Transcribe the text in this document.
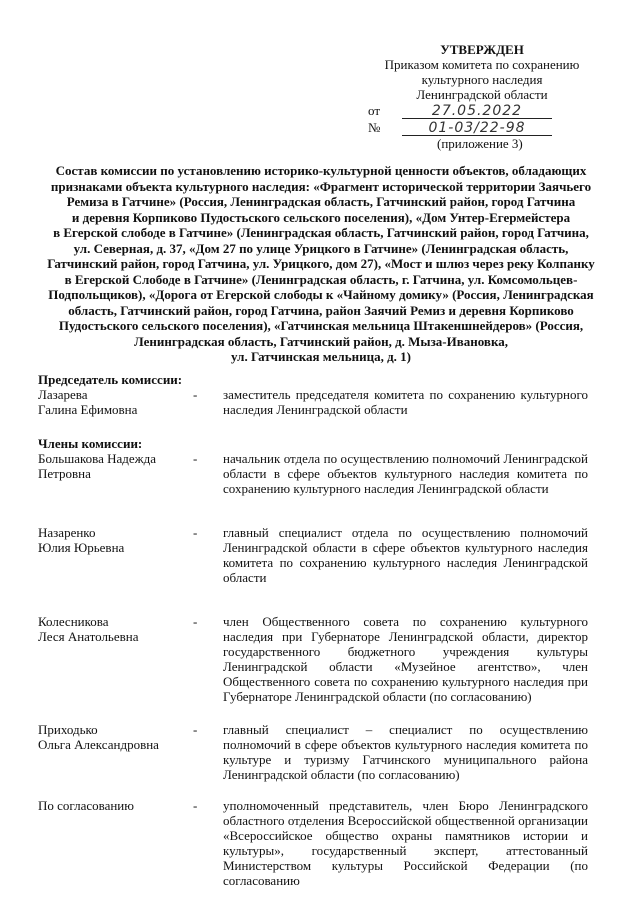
УТВЕРЖДЕН
Приказом комитета по сохранению
культурного наследия
Ленинградской области
от	27.05.2022
№	01-03/22-98
(приложение 3)
Состав комиссии по установлению историко-культурной ценности объектов, обладающих
признаками объекта культурного наследия: «Фрагмент исторической территории Заячьего
Ремиза в Гатчине» (Россия, Ленинградская область, Гатчинский район, город Гатчина
и деревня Корпиково Пудостьского сельского поселения), «Дом Унтер-Егермейстера
в Егерской слободе в Гатчине» (Ленинградская область, Гатчинский район, город Гатчина,
ул. Северная, д. 37, «Дом 27 по улице Урицкого в Гатчине» (Ленинградская область,
Гатчинский район, город Гатчина, ул. Урицкого, дом 27), «Мост и шлюз через реку Колпанку
в Егерской Слободе в Гатчине» (Ленинградская область, г. Гатчина, ул. Комсомольцев-
Подпольщиков), «Дорога от Егерской слободы к «Чайному домику» (Россия, Ленинградская
область, Гатчинский район, город Гатчина, район Заячий Ремиз и деревня Корпиково
Пудостьского сельского поселения), «Гатчинская мельница Штакеншнейдеров» (Россия,
Ленинградская область, Гатчинский район, д. Мыза-Ивановка,
ул. Гатчинская мельница, д. 1)
Председатель комиссии:
Лазарева
Галина Ефимовна
-	заместитель председателя комитета по сохранению культурного наследия Ленинградской области
Члены комиссии:
Большакова Надежда
Петровна
-	начальник отдела по осуществлению полномочий Ленинградской области в сфере объектов культурного наследия комитета по сохранению культурного наследия Ленинградской области
Назаренко
Юлия Юрьевна
-	главный специалист отдела по осуществлению полномочий Ленинградской области в сфере объектов культурного наследия комитета по сохранению культурного наследия Ленинградской области
Колесникова
Леся Анатольевна
-	член Общественного совета по сохранению культурного наследия при Губернаторе Ленинградской области, директор государственного бюджетного учреждения культуры Ленинградской области «Музейное агентство», член Общественного совета по сохранению культурного наследия при Губернаторе Ленинградской области (по согласованию)
Приходько
Ольга Александровна
-	главный специалист – специалист по осуществлению полномочий в сфере объектов культурного наследия комитета по культуре и туризму Гатчинского муниципального района Ленинградской области (по согласованию)
По согласованию	-	уполномоченный представитель, член Бюро Ленинградского областного отделения Всероссийской общественной организации «Всероссийское общество охраны памятников истории и культуры», государственный эксперт, аттестованный Министерством культуры Российской Федерации (по согласованию
